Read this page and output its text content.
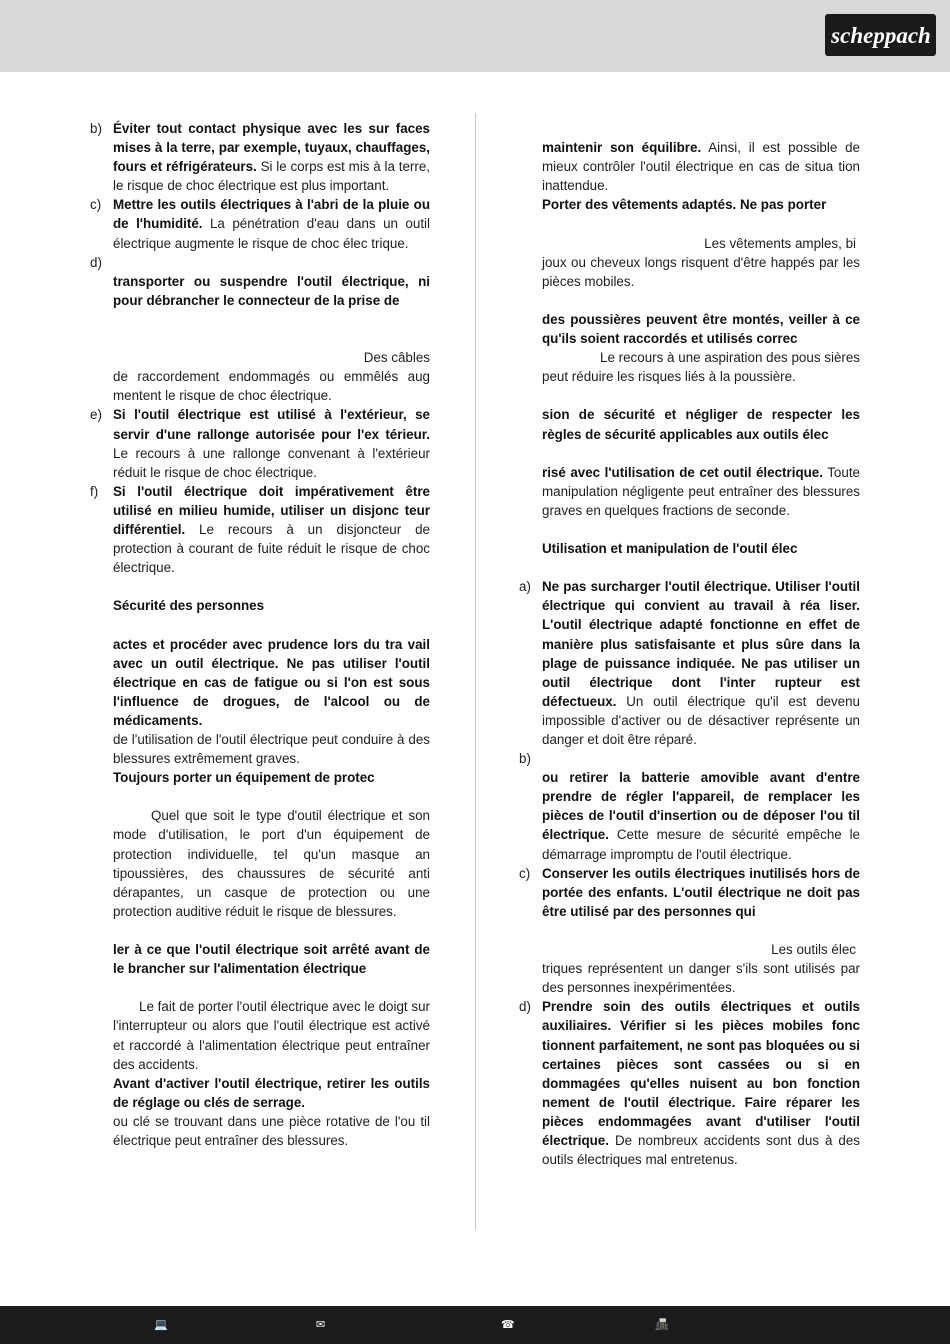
scheppach
b) Éviter tout contact physique avec les sur faces mises à la terre, par exemple, tuyaux, chauffages, fours et réfrigérateurs. Si le corps est mis à la terre, le risque de choc électrique est plus important.
c) Mettre les outils électriques à l'abri de la pluie ou de l'humidité. La pénétration d'eau dans un outil électrique augmente le risque de choc élec trique.
d)
transporter ou suspendre l'outil électrique, ni pour débrancher le connecteur de la prise de
Des câbles
de raccordement endommagés ou emmêlés aug mentent le risque de choc électrique.
e) Si l'outil électrique est utilisé à l'extérieur, se servir d'une rallonge autorisée pour l'ex térieur. Le recours à une rallonge convenant à l'extérieur réduit le risque de choc électrique.
f) Si l'outil électrique doit impérativement être utilisé en milieu humide, utiliser un disjonc teur différentiel. Le recours à un disjoncteur de protection à courant de fuite réduit le risque de choc électrique.
Sécurité des personnes
actes et procéder avec prudence lors du tra vail avec un outil électrique. Ne pas utiliser l'outil électrique en cas de fatigue ou si l'on est sous l'influence de drogues, de l'alcool ou de médicaments.
de l'utilisation de l'outil électrique peut conduire à des blessures extrêmement graves.
Toujours porter un équipement de protec
Quel que soit le type d'outil électrique et son mode d'utilisation, le port d'un équipement de protection individuelle, tel qu'un masque an tipoussières, des chaussures de sécurité anti dérapantes, un casque de protection ou une protection auditive réduit le risque de blessures.
ler à ce que l'outil électrique soit arrêté avant de le brancher sur l'alimentation électrique
Le fait de porter l'outil électrique avec le doigt sur l'interrupteur ou alors que l'outil électrique est activé et raccordé à l'alimentation électrique peut entraîner des accidents.
Avant d'activer l'outil électrique, retirer les outils de réglage ou clés de serrage.
ou clé se trouvant dans une pièce rotative de l'ou til électrique peut entraîner des blessures.
maintenir son équilibre. Ainsi, il est possible de mieux contrôler l'outil électrique en cas de situa tion inattendue.
Porter des vêtements adaptés. Ne pas porter
Les vêtements amples, bi
joux ou cheveux longs risquent d'être happés par les pièces mobiles.
des poussières peuvent être montés, veiller à ce qu'ils soient raccordés et utilisés correc
Le recours à une aspiration des pous sières peut réduire les risques liés à la poussière.
sion de sécurité et négliger de respecter les règles de sécurité applicables aux outils élec
risé avec l'utilisation de cet outil électrique. Toute manipulation négligente peut entraîner des blessures graves en quelques fractions de seconde.
Utilisation et manipulation de l'outil élec
a) Ne pas surcharger l'outil électrique. Utiliser l'outil électrique qui convient au travail à réa liser. L'outil électrique adapté fonctionne en effet de manière plus satisfaisante et plus sûre dans la plage de puissance indiquée. Ne pas utiliser un outil électrique dont l'inter rupteur est défectueux. Un outil électrique qu'il est devenu impossible d'activer ou de désactiver représente un danger et doit être réparé.
b)
ou retirer la batterie amovible avant d'entre prendre de régler l'appareil, de remplacer les pièces de l'outil d'insertion ou de déposer l'ou til électrique. Cette mesure de sécurité empêche le démarrage impromptu de l'outil électrique.
c) Conserver les outils électriques inutilisés hors de portée des enfants. L'outil électrique ne doit pas être utilisé par des personnes qui
Les outils élec
triques représentent un danger s'ils sont utilisés par des personnes inexpérimentées.
d) Prendre soin des outils électriques et outils auxiliaires. Vérifier si les pièces mobiles fonc tionnent parfaitement, ne sont pas bloquées ou si certaines pièces sont cassées ou si en dommagées qu'elles nuisent au bon fonction nement de l'outil électrique. Faire réparer les pièces endommagées avant d'utiliser l'outil électrique. De nombreux accidents sont dus à des outils électriques mal entretenus.
💻	✉	☎	📠
